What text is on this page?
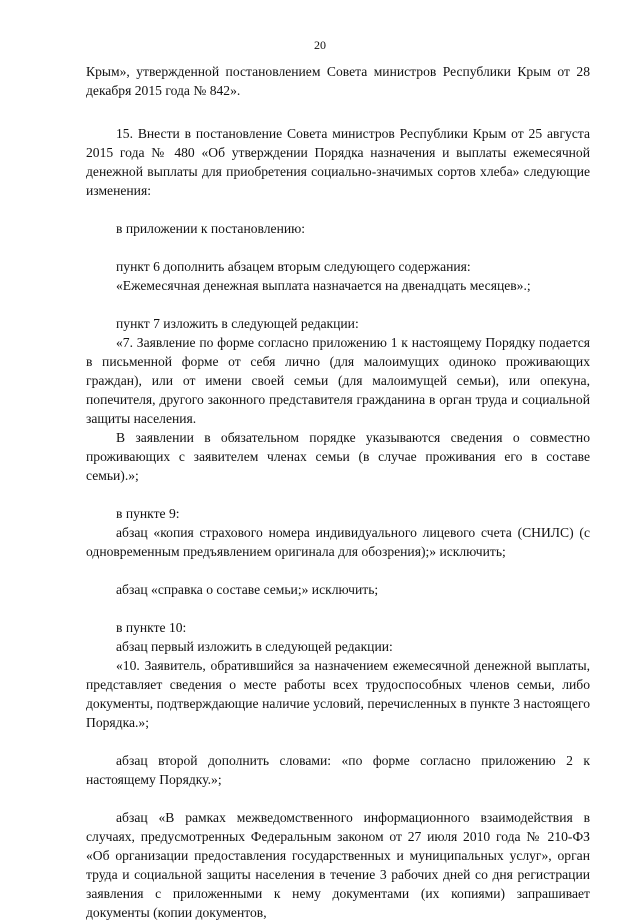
20

Крым», утвержденной постановлением Совета министров Республики Крым от 28 декабря 2015 года № 842».

15. Внести в постановление Совета министров Республики Крым от 25 августа 2015 года № 480 «Об утверждении Порядка назначения и выплаты ежемесячной денежной выплаты для приобретения социально-значимых сортов хлеба» следующие изменения:

в приложении к постановлению:

пункт 6 дополнить абзацем вторым следующего содержания:

«Ежемесячная денежная выплата назначается на двенадцать месяцев».;

пункт 7 изложить в следующей редакции:

«7. Заявление по форме согласно приложению 1 к настоящему Порядку подается в письменной форме от себя лично (для малоимущих одиноко проживающих граждан), или от имени своей семьи (для малоимущей семьи), или опекуна, попечителя, другого законного представителя гражданина в орган труда и социальной защиты населения.

В заявлении в обязательном порядке указываются сведения о совместно проживающих с заявителем членах семьи (в случае проживания его в составе семьи).»;

в пункте 9:

абзац «копия страхового номера индивидуального лицевого счета (СНИЛС) (с одновременным предъявлением оригинала для обозрения);» исключить;

абзац «справка о составе семьи;» исключить;

в пункте 10:

абзац первый изложить в следующей редакции:

«10. Заявитель, обратившийся за назначением ежемесячной денежной выплаты, представляет сведения о месте работы всех трудоспособных членов семьи, либо документы, подтверждающие наличие условий, перечисленных в пункте 3 настоящего Порядка.»;

абзац второй дополнить словами: «по форме согласно приложению 2 к настоящему Порядку.»;

абзац «В рамках межведомственного информационного взаимодействия в случаях, предусмотренных Федеральным законом от 27 июля 2010 года № 210-ФЗ «Об организации предоставления государственных и муниципальных услуг», орган труда и социальной защиты населения в течение 3 рабочих дней со дня регистрации заявления с приложенными к нему документами (их копиями) запрашивает документы (копии документов,
